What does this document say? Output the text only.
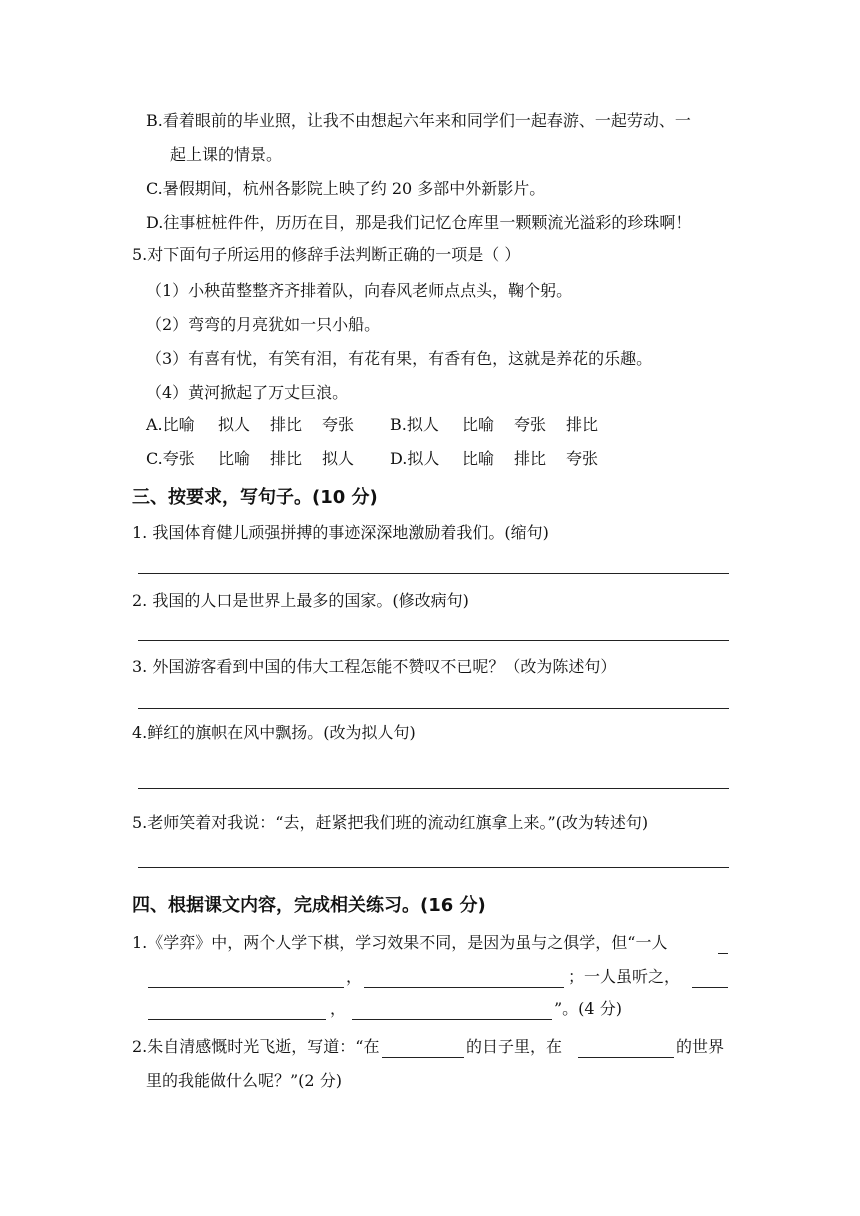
B.看着眼前的毕业照，让我不由想起六年来和同学们一起春游、一起劳动、一
起上课的情景。
C.暑假期间，杭州各影院上映了约 20 多部中外新影片。
D.往事桩桩件件，历历在目，那是我们记忆仓库里一颗颗流光溢彩的珍珠啊！
5.对下面句子所运用的修辞手法判断正确的一项是（ ）
（1）小秧苗整整齐齐排着队，向春风老师点点头，鞠个躬。
（2）弯弯的月亮犹如一只小船。
（3）有喜有忧，有笑有泪，有花有果，有香有色，这就是养花的乐趣。
（4）黄河掀起了万丈巨浪。
A.比喻 拟人 排比 夸张	B.拟人 比喻 夸张 排比
C.夸张 比喻 排比 拟人	D.拟人 比喻 排比 夸张
三、按要求，写句子。(10 分)
1. 我国体育健儿顽强拼搏的事迹深深地激励着我们。(缩句)
2. 我国的人口是世界上最多的国家。(修改病句)
3. 外国游客看到中国的伟大工程怎能不赞叹不已呢？（改为陈述句）
4.鲜红的旗帜在风中飘扬。(改为拟人句)
5.老师笑着对我说：“去，赶紧把我们班的流动红旗拿上来。”(改为转述句)
四、根据课文内容，完成相关练习。(16 分)
1.《学弈》中，两个人学下棋，学习效果不同，是因为虽与之俱学，但“一人
，	；一人虽听之，
，	”。(4 分)
2.朱自清感慨时光飞逝，写道：“在	的日子里，在	的世界
里的我能做什么呢？”(2 分)
